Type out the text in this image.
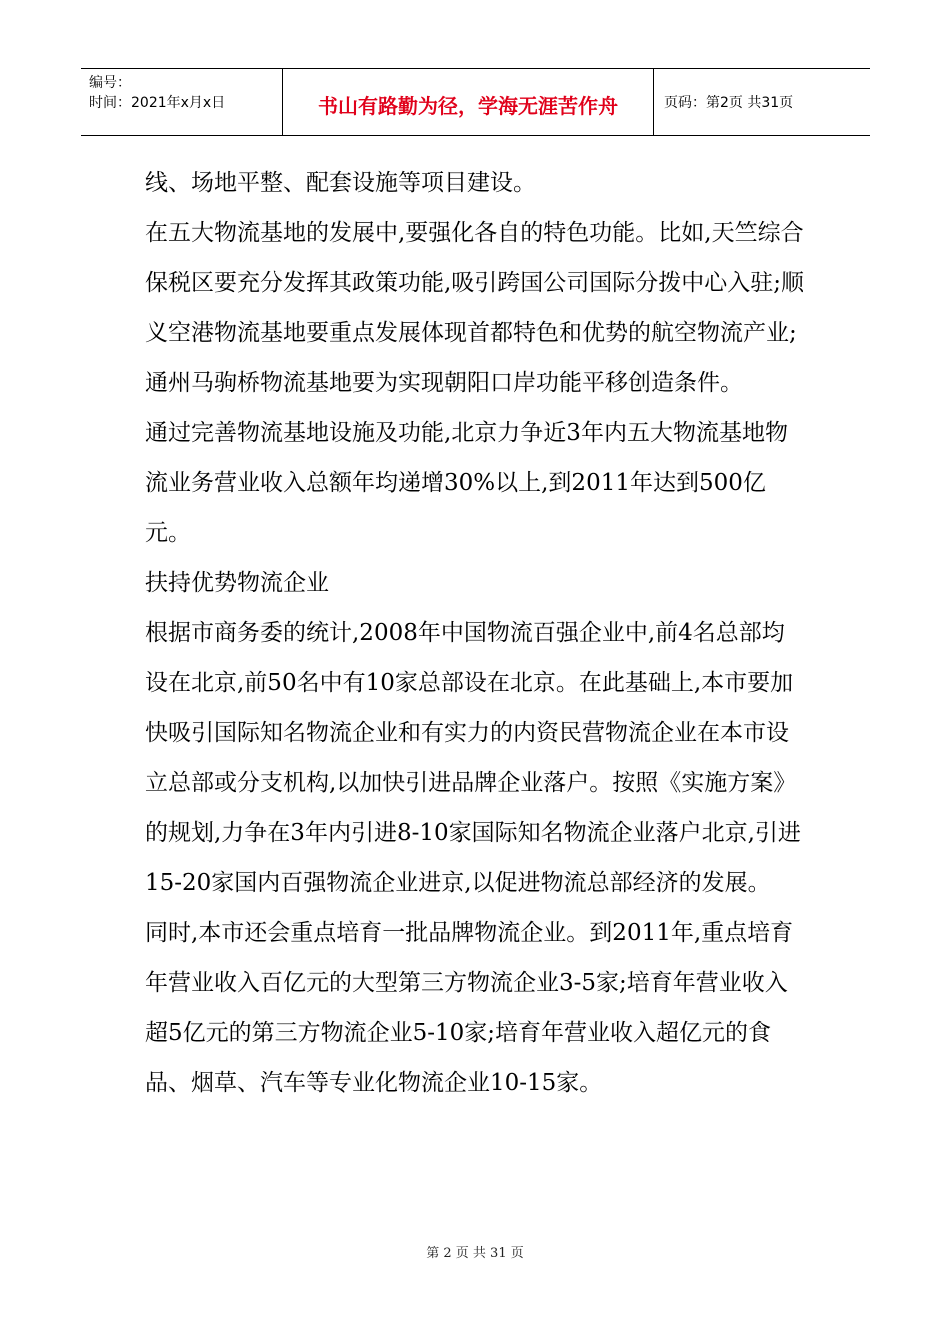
编号：
时间：2021年x月x日	书山有路勤为径，学海无涯苦作舟	页码：第2页 共31页

线、场地平整、配套设施等项目建设。

在五大物流基地的发展中,要强化各自的特色功能。比如,天竺综合保税区要充分发挥其政策功能,吸引跨国公司国际分拨中心入驻;顺义空港物流基地要重点发展体现首都特色和优势的航空物流产业;通州马驹桥物流基地要为实现朝阳口岸功能平移创造条件。

通过完善物流基地设施及功能,北京力争近3年内五大物流基地物流业务营业收入总额年均递增30%以上,到2011年达到500亿元。

扶持优势物流企业

根据市商务委的统计,2008年中国物流百强企业中,前4名总部均设在北京,前50名中有10家总部设在北京。在此基础上,本市要加快吸引国际知名物流企业和有实力的内资民营物流企业在本市设立总部或分支机构,以加快引进品牌企业落户。按照《实施方案》的规划,力争在3年内引进8-10家国际知名物流企业落户北京,引进15-20家国内百强物流企业进京,以促进物流总部经济的发展。

同时,本市还会重点培育一批品牌物流企业。到2011年,重点培育年营业收入百亿元的大型第三方物流企业3-5家;培育年营业收入超5亿元的第三方物流企业5-10家;培育年营业收入超亿元的食品、烟草、汽车等专业化物流企业10-15家。

第 2 页 共 31 页
